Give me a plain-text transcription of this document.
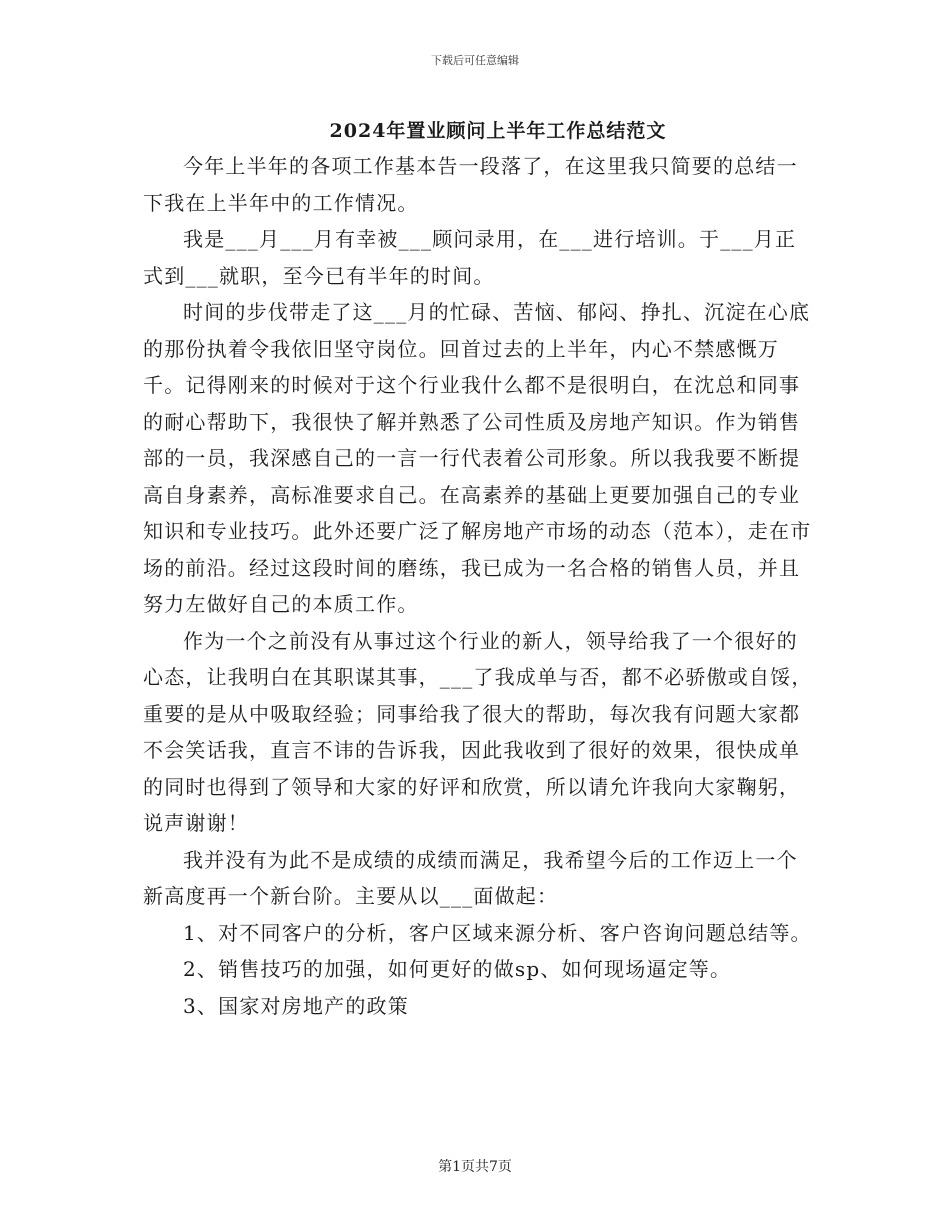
下载后可任意编辑
2024年置业顾问上半年工作总结范文

今年上半年的各项工作基本告一段落了，在这里我只简要的总结一下我在上半年中的工作情况。

我是___月___月有幸被___顾问录用，在___进行培训。于___月正式到___就职，至今已有半年的时间。

时间的步伐带走了这___月的忙碌、苦恼、郁闷、挣扎、沉淀在心底的那份执着令我依旧坚守岗位。回首过去的上半年，内心不禁感慨万千。记得刚来的时候对于这个行业我什么都不是很明白，在沈总和同事的耐心帮助下，我很快了解并熟悉了公司性质及房地产知识。作为销售部的一员，我深感自己的一言一行代表着公司形象。所以我我要不断提高自身素养，高标准要求自己。在高素养的基础上更要加强自己的专业知识和专业技巧。此外还要广泛了解房地产市场的动态（范本），走在市场的前沿。经过这段时间的磨练，我已成为一名合格的销售人员，并且努力左做好自己的本质工作。

作为一个之前没有从事过这个行业的新人，领导给我了一个很好的心态，让我明白在其职谋其事，___了我成单与否，都不必骄傲或自馁，重要的是从中吸取经验；同事给我了很大的帮助，每次我有问题大家都不会笑话我，直言不讳的告诉我，因此我收到了很好的效果，很快成单的同时也得到了领导和大家的好评和欣赏，所以请允许我向大家鞠躬，说声谢谢！

我并没有为此不是成绩的成绩而满足，我希望今后的工作迈上一个新高度再一个新台阶。主要从以___面做起：

1、对不同客户的分析，客户区域来源分析、客户咨询问题总结等。

2、销售技巧的加强，如何更好的做sp、如何现场逼定等。

3、国家对房地产的政策

第1页共7页
